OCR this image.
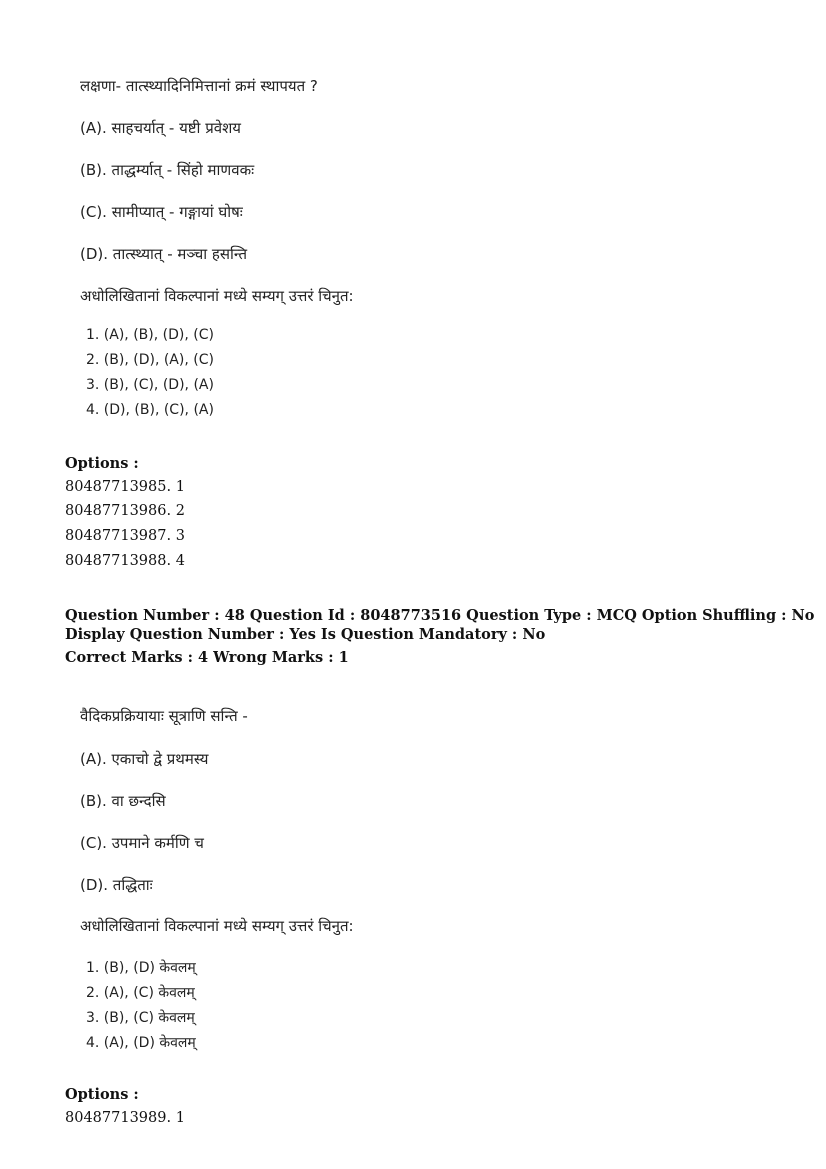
लक्षणा- तात्स्थ्यादिनिमित्तानां क्रमं स्थापयत ?
(A). साहचर्यात् - यष्टी प्रवेशय
(B). ताद्धर्म्यात् - सिंहो माणवकः
(C). सामीप्यात् - गङ्गायां घोषः
(D). तात्स्थ्यात् - मञ्चा हसन्ति
अधोलिखितानां विकल्पानां मध्ये सम्यग् उत्तरं चिनुत:
1. (A), (B), (D), (C)
2. (B), (D), (A), (C)
3. (B), (C), (D), (A)
4. (D), (B), (C), (A)
Options :
80487713985. 1
80487713986. 2
80487713987. 3
80487713988. 4
Question Number : 48 Question Id : 8048773516 Question Type : MCQ Option Shuffling : No
Display Question Number : Yes Is Question Mandatory : No
Correct Marks : 4 Wrong Marks : 1
वैदिकप्रक्रियायाः सूत्राणि सन्ति -
(A). एकाचो द्वे प्रथमस्य
(B). वा छन्दसि
(C). उपमाने कर्मणि च
(D). तद्धिताः
अधोलिखितानां विकल्पानां मध्ये सम्यग् उत्तरं चिनुत:
1. (B), (D) केवलम्
2. (A), (C) केवलम्
3. (B), (C) केवलम्
4. (A), (D) केवलम्
Options :
80487713989. 1
